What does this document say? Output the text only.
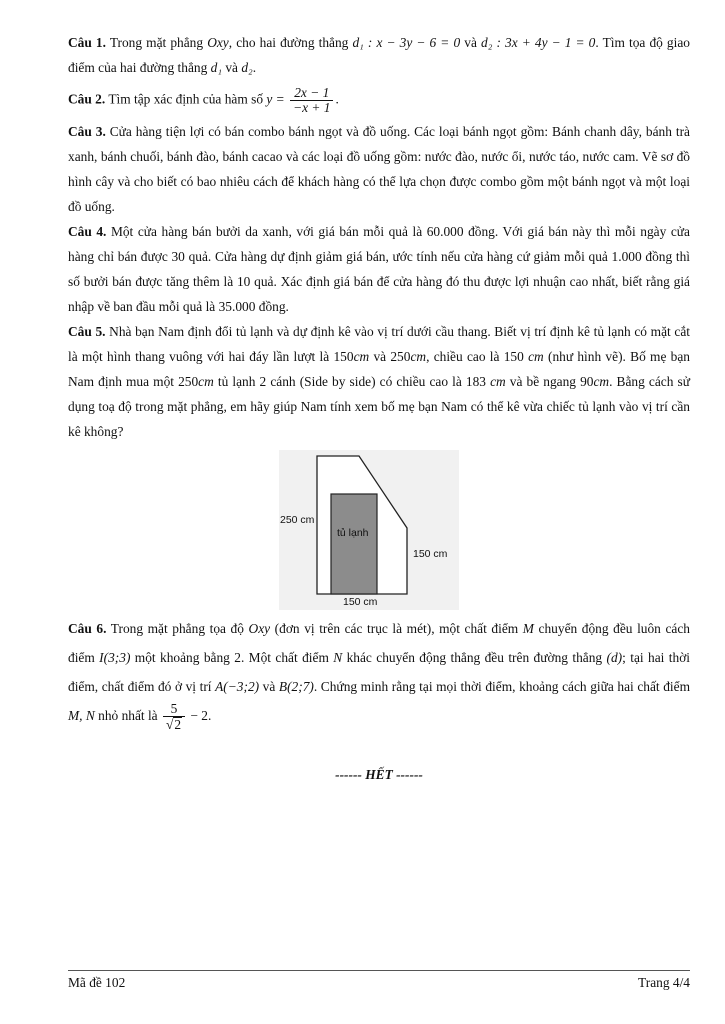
Câu 1. Trong mặt phẳng Oxy, cho hai đường thẳng d₁ : x − 3y − 6 = 0 và d₂ : 3x + 4y − 1 = 0. Tìm tọa độ giao điểm của hai đường thẳng d₁ và d₂.

Câu 2. Tìm tập xác định của hàm số $y = \frac{2x - 1}{-x + 1}$ .

Câu 3. Cửa hàng tiện lợi có bán combo bánh ngọt và đồ uống. Các loại bánh ngọt gồm: Bánh chanh dây, bánh trà xanh, bánh chuối, bánh đào, bánh cacao và các loại đồ uống gồm: nước đào, nước ổi, nước táo, nước cam. Vẽ sơ đồ hình cây và cho biết có bao nhiêu cách để khách hàng có thể lựa chọn được combo gồm một bánh ngọt và một loại đồ uống.

Câu 4. Một cửa hàng bán bưởi da xanh, với giá bán mỗi quả là 60.000 đồng. Với giá bán này thì mỗi ngày cửa hàng chỉ bán được 30 quả. Cửa hàng dự định giảm giá bán, ước tính nếu cửa hàng cứ giảm mỗi quả 1.000 đồng thì số bưởi bán được tăng thêm là 10 quả. Xác định giá bán để cửa hàng đó thu được lợi nhuận cao nhất, biết rằng giá nhập về ban đầu mỗi quả là 35.000 đồng.

Câu 5. Nhà bạn Nam định đổi tủ lạnh và dự định kê vào vị trí dưới cầu thang. Biết vị trí định kê tủ lạnh có mặt cắt là một hình thang vuông với hai đáy lần lượt là 150cm và 250cm, chiều cao là 150 cm (như hình vẽ). Bố mẹ bạn Nam định mua một 250cm tủ lạnh 2 cánh (Side by side) có chiều cao là 183 cm và bề ngang 90cm. Bằng cách sử dụng toạ độ trong mặt phẳng, em hãy giúp Nam tính xem bố mẹ bạn Nam có thể kê vừa chiếc tủ lạnh vào vị trí cần kê không?

250 cm
tủ lạnh
150 cm
150 cm

Câu 6. Trong mặt phẳng tọa độ Oxy (đơn vị trên các trục là mét), một chất điểm M chuyển động đều luôn cách điểm I(3;3) một khoảng bằng 2. Một chất điểm N khác chuyển động thẳng đều trên đường thẳng (d); tại hai thời điểm, chất điểm đó ở vị trí A(−3;2) và B(2;7). Chứng minh rằng tại mọi thời điểm, khoảng cách giữa hai chất điểm M, N nhỏ nhất là $\frac{5}{√2} - 2$.

------ HẾT ------

Mã đề 102	Trang 4/4
